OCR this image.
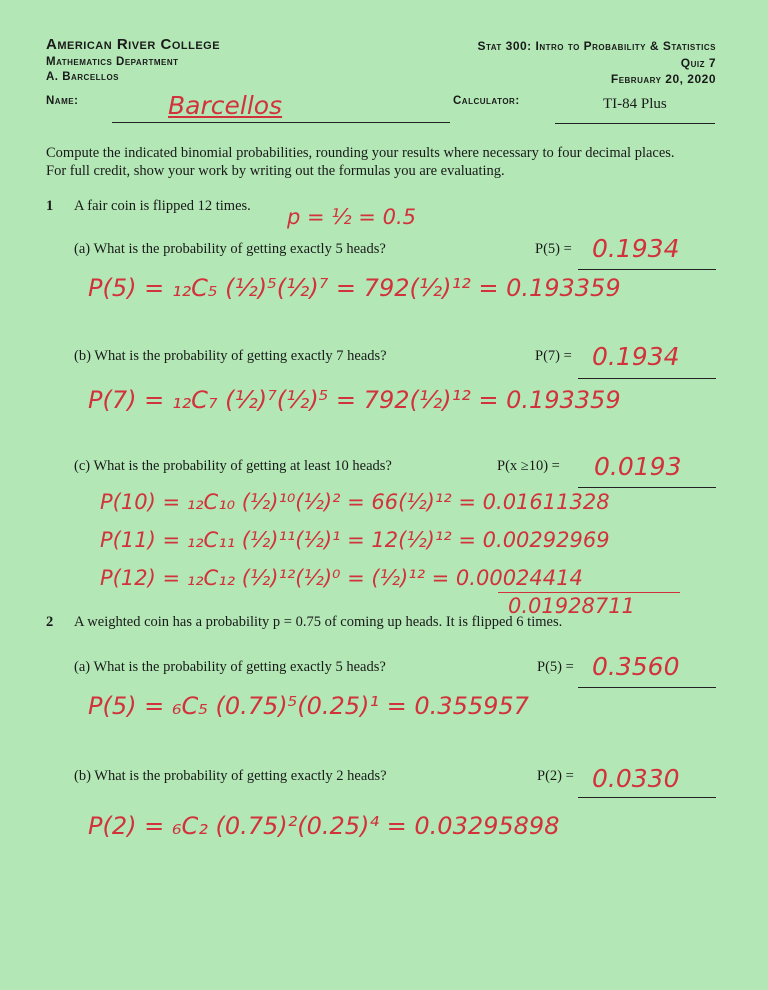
American River College
Mathematics Department
A. Barcellos
Stat 300: Intro to Probability & Statistics
Quiz 7
February 20, 2020
Name:	Barcellos	Calculator:	TI-84 Plus
Compute the indicated binomial probabilities, rounding your results where necessary to four decimal places.
For full credit, show your work by writing out the formulas you are evaluating.
1 A fair coin is flipped 12 times. p = ½ = 0.5
(a) What is the probability of getting exactly 5 heads?	P(5) = 0.1934
P(5) = ₁₂C₅ (½)⁵(½)⁷ = 792(½)¹² = 0.193359
(b) What is the probability of getting exactly 7 heads?	P(7) = 0.1934
P(7) = ₁₂C₇ (½)⁷(½)⁵ = 792(½)¹² = 0.193359
(c) What is the probability of getting at least 10 heads?	P(x ≥10) = 0.0193
P(10) = ₁₂C₁₀ (½)¹⁰(½)² = 66(½)¹² = 0.01611328
P(11) = ₁₂C₁₁ (½)¹¹(½)¹ = 12(½)¹² = 0.00292969
P(12) = ₁₂C₁₂ (½)¹²(½)⁰ = (½)¹² = 0.00024414
0.01928711
2 A weighted coin has a probability p = 0.75 of coming up heads. It is flipped 6 times.
(a) What is the probability of getting exactly 5 heads?	P(5) = 0.3560
P(5) = ₆C₅ (0.75)⁵(0.25)¹ = 0.355957
(b) What is the probability of getting exactly 2 heads?	P(2) = 0.0330
P(2) = ₆C₂ (0.75)²(0.25)⁴ = 0.03295898
